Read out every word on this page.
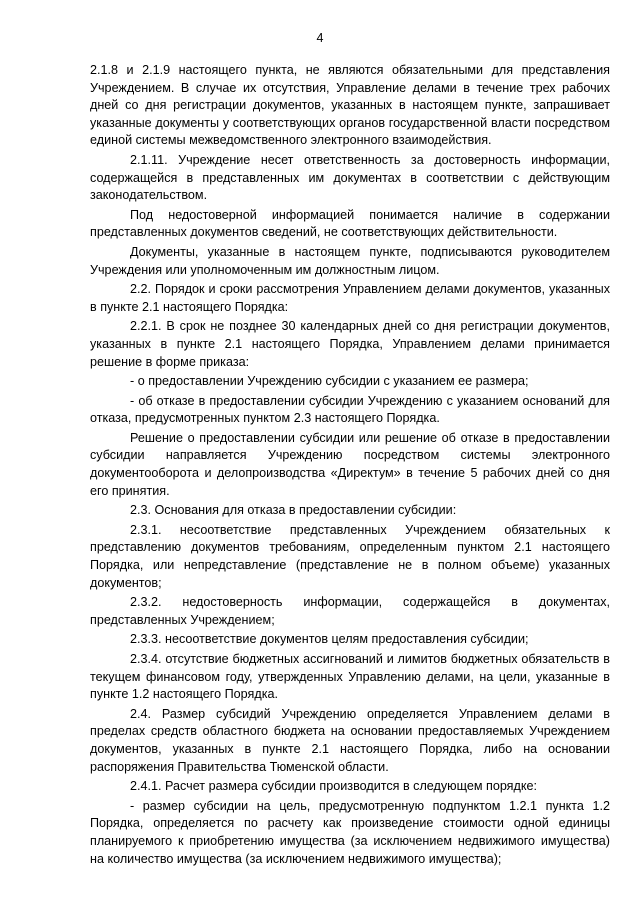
4

2.1.8 и 2.1.9 настоящего пункта, не являются обязательными для представления Учреждением. В случае их отсутствия, Управление делами в течение трех рабочих дней со дня регистрации документов, указанных в настоящем пункте, запрашивает указанные документы у соответствующих органов государственной власти посредством единой системы межведомственного электронного взаимодействия.

2.1.11. Учреждение несет ответственность за достоверность информации, содержащейся в представленных им документах в соответствии с действующим законодательством.

Под недостоверной информацией понимается наличие в содержании представленных документов сведений, не соответствующих действительности.

Документы, указанные в настоящем пункте, подписываются руководителем Учреждения или уполномоченным им должностным лицом.

2.2. Порядок и сроки рассмотрения Управлением делами документов, указанных в пункте 2.1 настоящего Порядка:

2.2.1. В срок не позднее 30 календарных дней со дня регистрации документов, указанных в пункте 2.1 настоящего Порядка, Управлением делами принимается решение в форме приказа:

- о предоставлении Учреждению субсидии с указанием ее размера;

- об отказе в предоставлении субсидии Учреждению с указанием оснований для отказа, предусмотренных пунктом 2.3 настоящего Порядка.

Решение о предоставлении субсидии или решение об отказе в предоставлении субсидии направляется Учреждению посредством системы электронного документооборота и делопроизводства «Директум» в течение 5 рабочих дней со дня его принятия.

2.3. Основания для отказа в предоставлении субсидии:

2.3.1. несоответствие представленных Учреждением обязательных к представлению документов требованиям, определенным пунктом 2.1 настоящего Порядка, или непредставление (представление не в полном объеме) указанных документов;

2.3.2. недостоверность информации, содержащейся в документах, представленных Учреждением;

2.3.3. несоответствие документов целям предоставления субсидии;

2.3.4. отсутствие бюджетных ассигнований и лимитов бюджетных обязательств в текущем финансовом году, утвержденных Управлению делами, на цели, указанные в пункте 1.2 настоящего Порядка.

2.4. Размер субсидий Учреждению определяется Управлением делами в пределах средств областного бюджета на основании предоставляемых Учреждением документов, указанных в пункте 2.1 настоящего Порядка, либо на основании распоряжения Правительства Тюменской области.

2.4.1. Расчет размера субсидии производится в следующем порядке:

- размер субсидии на цель, предусмотренную подпунктом 1.2.1 пункта 1.2 Порядка, определяется по расчету как произведение стоимости одной единицы планируемого к приобретению имущества (за исключением недвижимого имущества) на количество имущества (за исключением недвижимого имущества);
